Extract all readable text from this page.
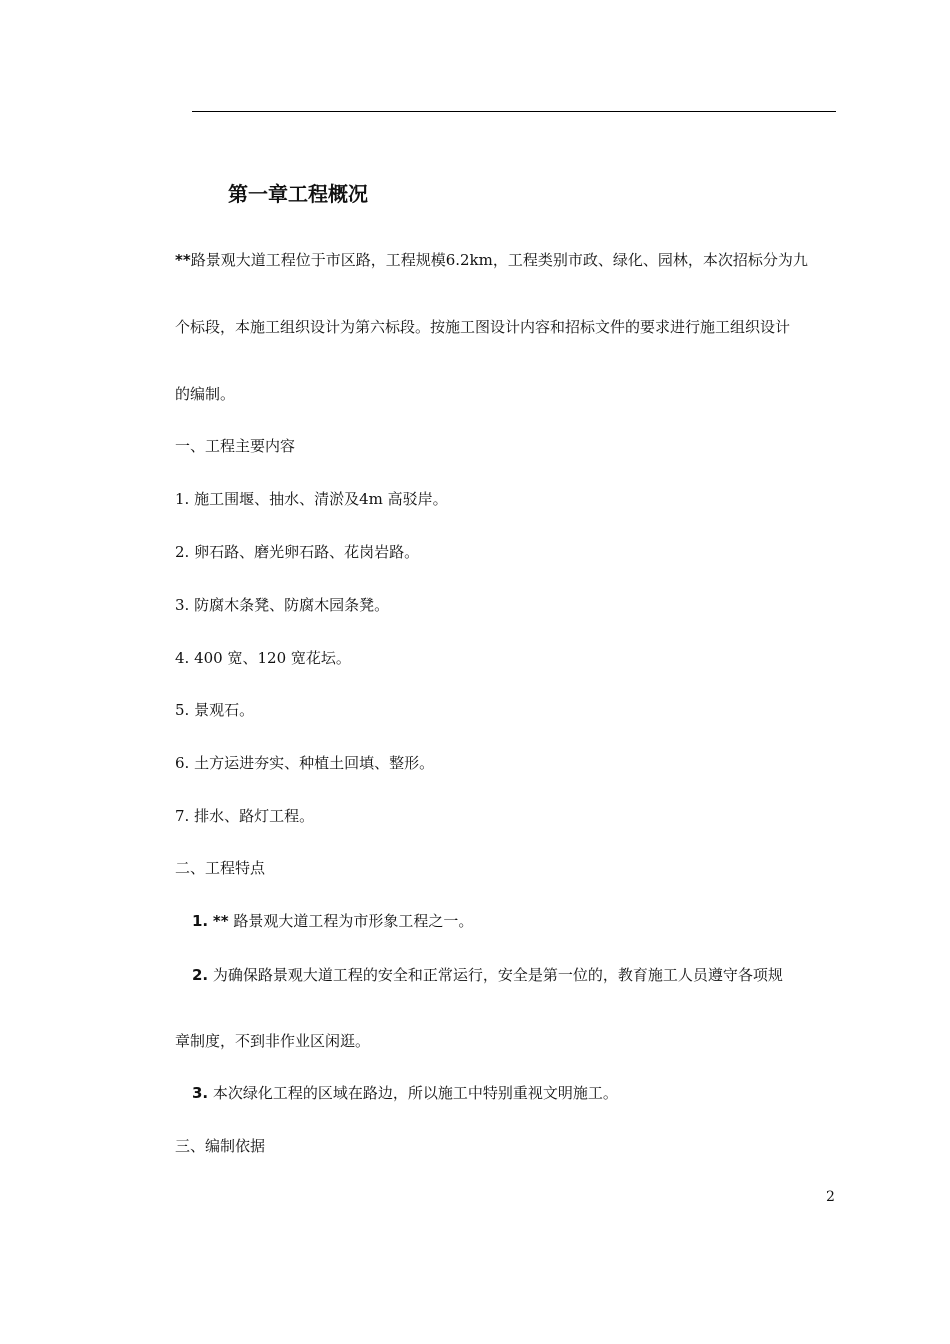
第一章工程概况
**路景观大道工程位于市区路，工程规模6.2km，工程类别市政、绿化、园林，本次招标分为九
个标段，本施工组织设计为第六标段。按施工图设计内容和招标文件的要求进行施工组织设计
的编制。
一、工程主要内容
1. 施工围堰、抽水、清淤及4m 高驳岸。
2. 卵石路、磨光卵石路、花岗岩路。
3. 防腐木条凳、防腐木园条凳。
4. 400 宽、120 宽花坛。
5. 景观石。
6. 土方运进夯实、种植土回填、整形。
7. 排水、路灯工程。
二、工程特点
1. ** 路景观大道工程为市形象工程之一。
2. 为确保路景观大道工程的安全和正常运行，安全是第一位的，教育施工人员遵守各项规
章制度，不到非作业区闲逛。
3. 本次绿化工程的区域在路边，所以施工中特别重视文明施工。
三、编制依据
2
